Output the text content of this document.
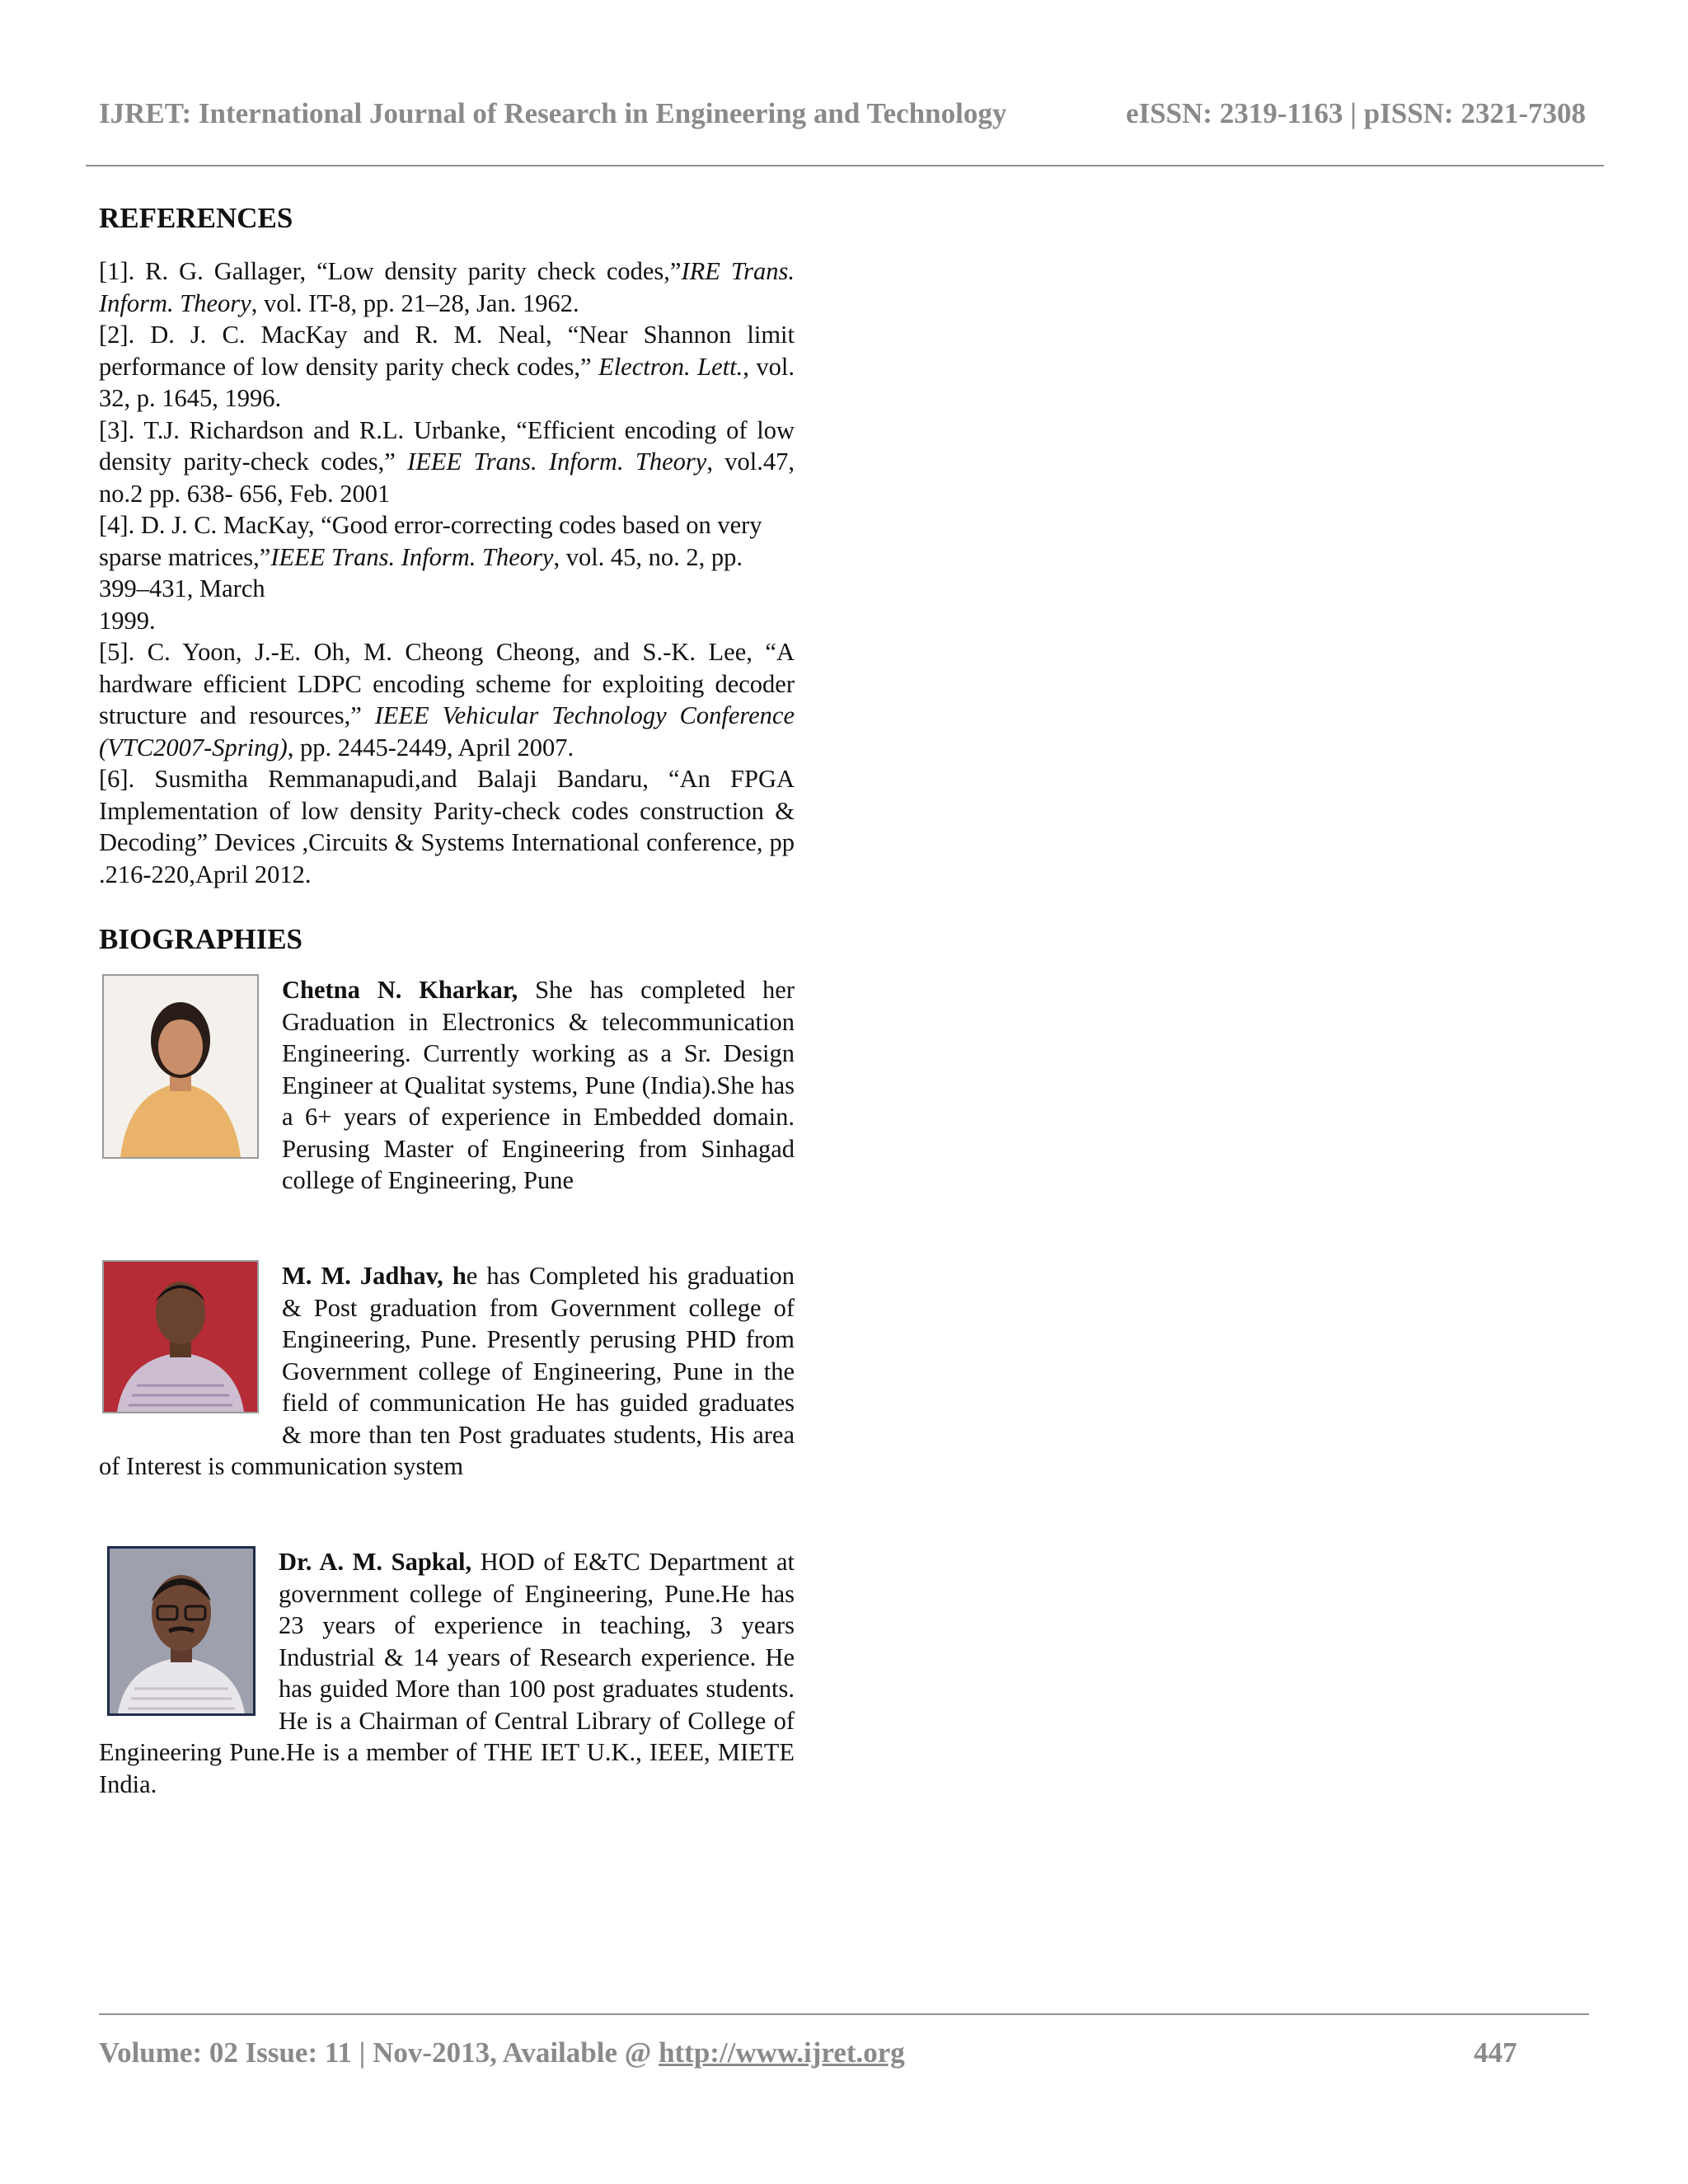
IJRET: International Journal of Research in Engineering and Technology	eISSN: 2319-1163 | pISSN: 2321-7308
REFERENCES

[1]. R. G. Gallager, “Low density parity check codes,”IRE Trans. Inform. Theory, vol. IT-8, pp. 21–28, Jan. 1962.

[2]. D. J. C. MacKay and R. M. Neal, “Near Shannon limit performance of low density parity check codes,” Electron. Lett., vol. 32, p. 1645, 1996.

[3]. T.J. Richardson and R.L. Urbanke, “Efficient encoding of low density parity-check codes,” IEEE Trans. Inform. Theory, vol.47, no.2 pp. 638- 656, Feb. 2001

[4]. D. J. C. MacKay, “Good error-correcting codes based on very sparse matrices,”IEEE Trans. Inform. Theory, vol. 45, no. 2, pp. 399–431, March
1999.

[5]. C. Yoon, J.-E. Oh, M. Cheong Cheong, and S.-K. Lee, “A hardware efficient LDPC encoding scheme for exploiting decoder structure and resources,” IEEE Vehicular Technology Conference (VTC2007-Spring), pp. 2445-2449, April 2007.

[6]. Susmitha Remmanapudi,and Balaji Bandaru, “An FPGA Implementation of low density Parity-check codes construction & Decoding” Devices ,Circuits & Systems International conference, pp .216-220,April 2012.

BIOGRAPHIES

Chetna N. Kharkar, She has completed her Graduation in Electronics & telecommunication Engineering. Currently working as a Sr. Design Engineer at Qualitat systems, Pune (India).She has a 6+ years of experience in Embedded domain. Perusing Master of Engineering from Sinhagad college of Engineering, Pune

M. M. Jadhav, he has Completed his graduation & Post graduation from Government college of Engineering, Pune. Presently perusing PHD from Government college of Engineering, Pune in the field of communication He has guided graduates & more than ten Post graduates students, His area of Interest is communication system

Dr. A. M. Sapkal, HOD of E&TC Department at government college of Engineering, Pune.He has 23 years of experience in teaching, 3 years Industrial & 14 years of Research experience. He has guided More than 100 post graduates students. He is a Chairman of Central Library of College of Engineering Pune.He is a member of THE IET U.K., IEEE, MIETE India.

Volume: 02 Issue: 11 | Nov-2013, Available @ http://www.ijret.org	447
